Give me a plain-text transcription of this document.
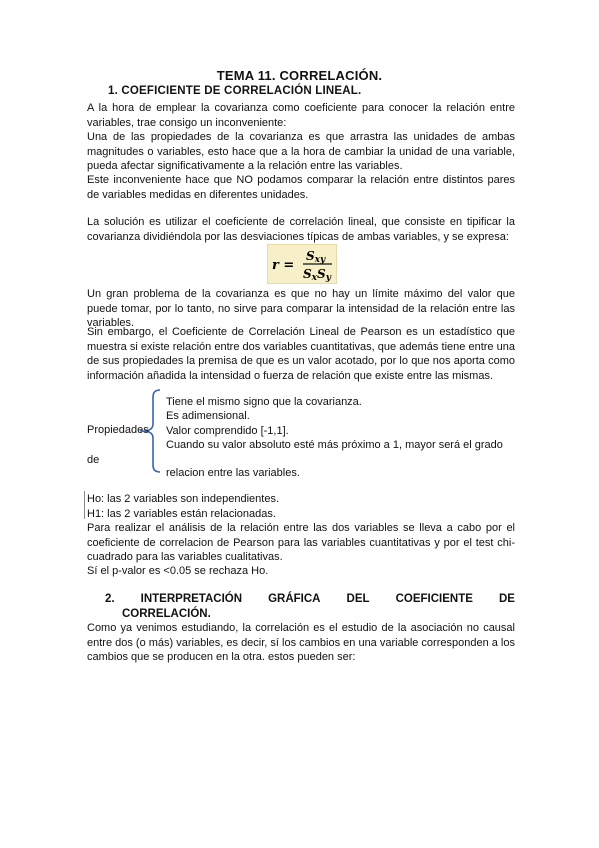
TEMA 11. CORRELACIÓN.
1. COEFICIENTE DE CORRELACIÓN LINEAL.
A la hora de emplear la covarianza como coeficiente para conocer la relación entre variables, trae consigo un inconveniente:
Una de las propiedades de la covarianza es que arrastra las unidades de ambas magnitudes o variables, esto hace que a la hora de cambiar la unidad de una variable, pueda afectar significativamente a la relación entre las variables.
Este inconveniente hace que NO podamos comparar la relación entre distintos pares de variables medidas en diferentes unidades.
La solución es utilizar el coeficiente de correlación lineal, que consiste en tipificar la covarianza dividiéndola por las desviaciones típicas de ambas variables, y se expresa:
r =
Sxy
SxSy
Un gran problema de la covarianza es que no hay un límite máximo del valor que puede tomar, por lo tanto, no sirve para comparar la intensidad de la relación entre las variables.
Sin embargo, el Coeficiente de Correlación Lineal de Pearson es un estadístico que muestra si existe relación entre dos variables cuantitativas, que además tiene entre una de sus propiedades la premisa de que es un valor acotado, por lo que nos aporta como información añadida la intensidad o fuerza de relación que existe entre las mismas.
Propiedades
de
Tiene el mismo signo que la covarianza.
Es adimensional.
Valor comprendido [-1,1].
Cuando su valor absoluto esté más próximo a 1, mayor será el grado
relacion entre las variables.
Ho: las 2 variables son independientes.
H1: las 2 variables están relacionadas.
Para realizar el análisis de la relación entre las dos variables se lleva a cabo por el coeficiente de correlacion de Pearson para las variables cuantitativas y por el test chi-cuadrado para las variables cualitativas.
Sí el p-valor es <0.05 se rechaza Ho.
2. INTERPRETACIÓN GRÁFICA DEL COEFICIENTE DE
CORRELACIÓN.
Como ya venimos estudiando, la correlación es el estudio de la asociación no causal entre dos (o más) variables, es decir, sí los cambios en una variable corresponden a los cambios que se producen en la otra. estos pueden ser:
